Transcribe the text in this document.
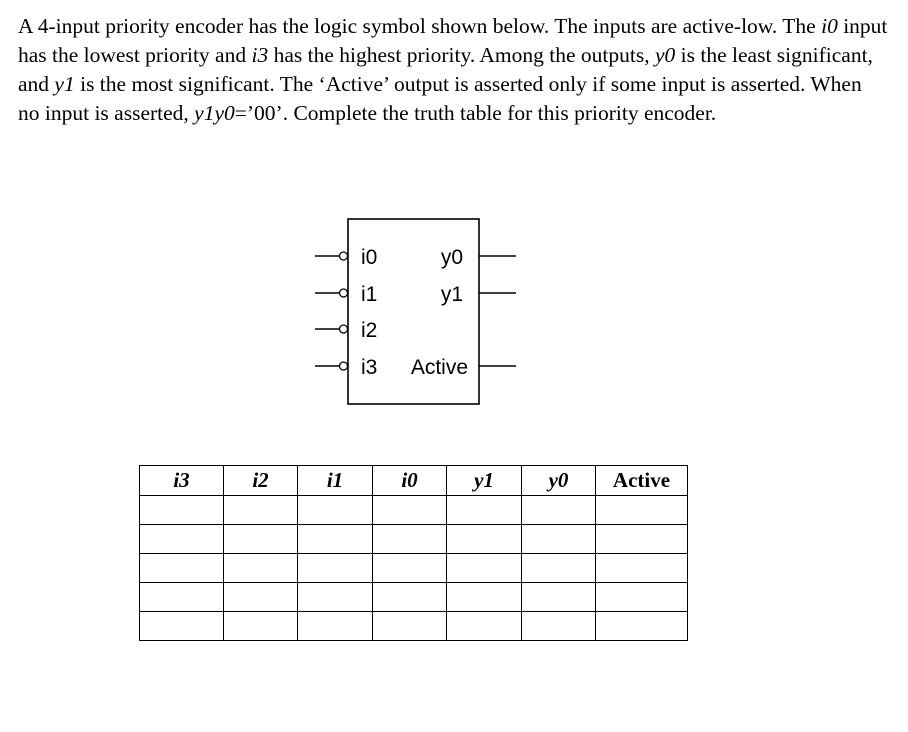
A 4-input priority encoder has the logic symbol shown below. The inputs are active-low. The i0 input has the lowest priority and i3 has the highest priority. Among the outputs, y0 is the least significant, and y1 is the most significant. The ‘Active’ output is asserted only if some input is asserted. When no input is asserted, y1y0=’00’. Complete the truth table for this priority encoder.
i0
i1
i2
i3
y0
y1
Active
i3	i2	i1	i0	y1	y0	Active
